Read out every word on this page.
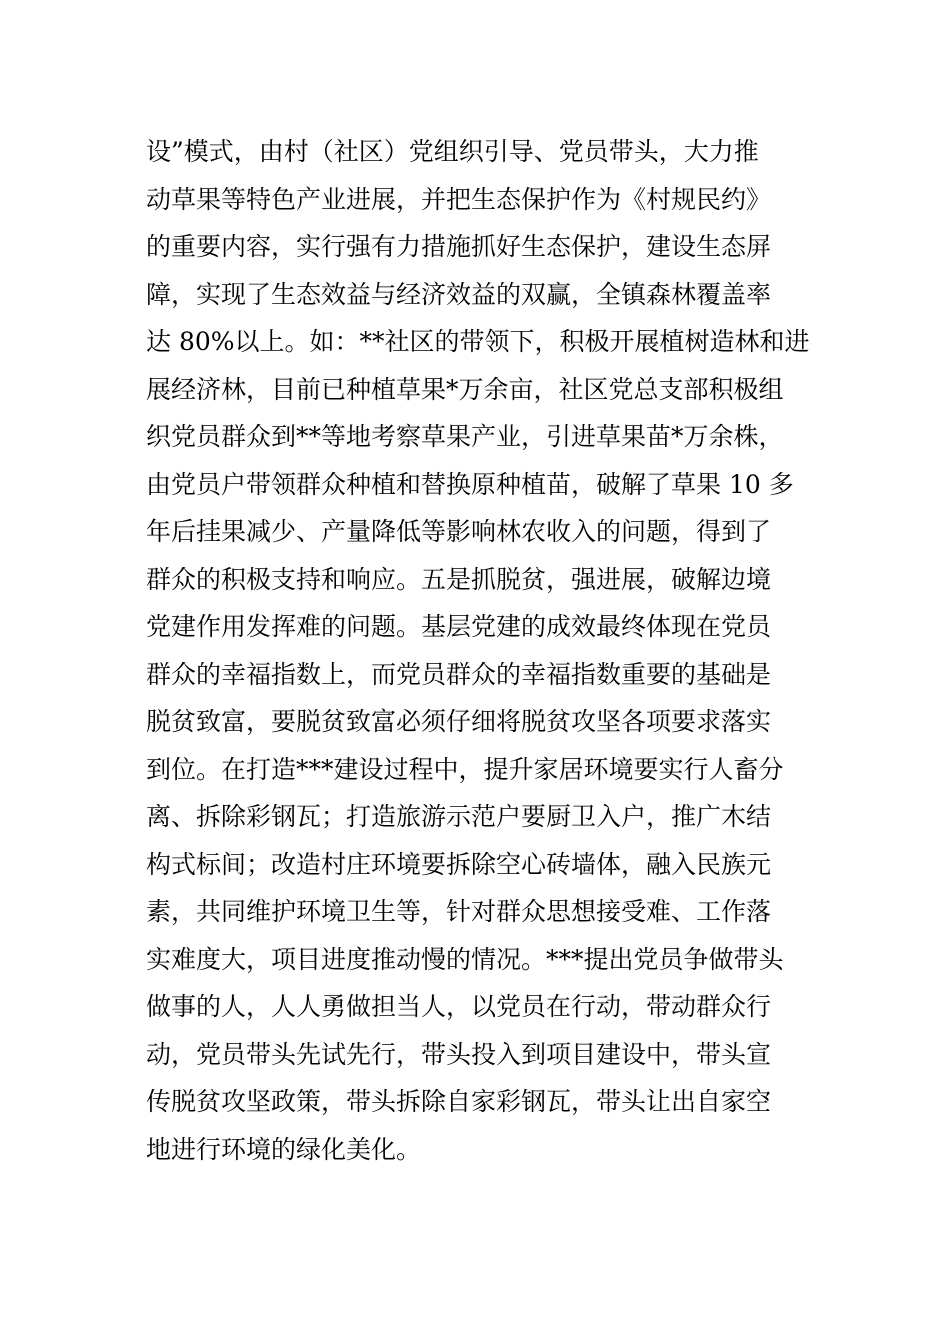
设”模式，由村（社区）党组织引导、党员带头，大力推
动草果等特色产业进展，并把生态保护作为《村规民约》
的重要内容，实行强有力措施抓好生态保护，建设生态屏
障，实现了生态效益与经济效益的双赢，全镇森林覆盖率
达 80%以上。如：**社区的带领下，积极开展植树造林和进
展经济林，目前已种植草果*万余亩，社区党总支部积极组
织党员群众到**等地考察草果产业，引进草果苗*万余株，
由党员户带领群众种植和替换原种植苗，破解了草果 10 多
年后挂果减少、产量降低等影响林农收入的问题，得到了
群众的积极支持和响应。五是抓脱贫，强进展，破解边境
党建作用发挥难的问题。基层党建的成效最终体现在党员
群众的幸福指数上，而党员群众的幸福指数重要的基础是
脱贫致富，要脱贫致富必须仔细将脱贫攻坚各项要求落实
到位。在打造***建设过程中，提升家居环境要实行人畜分
离、拆除彩钢瓦；打造旅游示范户要厨卫入户，推广木结
构式标间；改造村庄环境要拆除空心砖墙体，融入民族元
素，共同维护环境卫生等，针对群众思想接受难、工作落
实难度大，项目进度推动慢的情况。***提出党员争做带头
做事的人，人人勇做担当人，以党员在行动，带动群众行
动，党员带头先试先行，带头投入到项目建设中，带头宣
传脱贫攻坚政策，带头拆除自家彩钢瓦，带头让出自家空
地进行环境的绿化美化。
